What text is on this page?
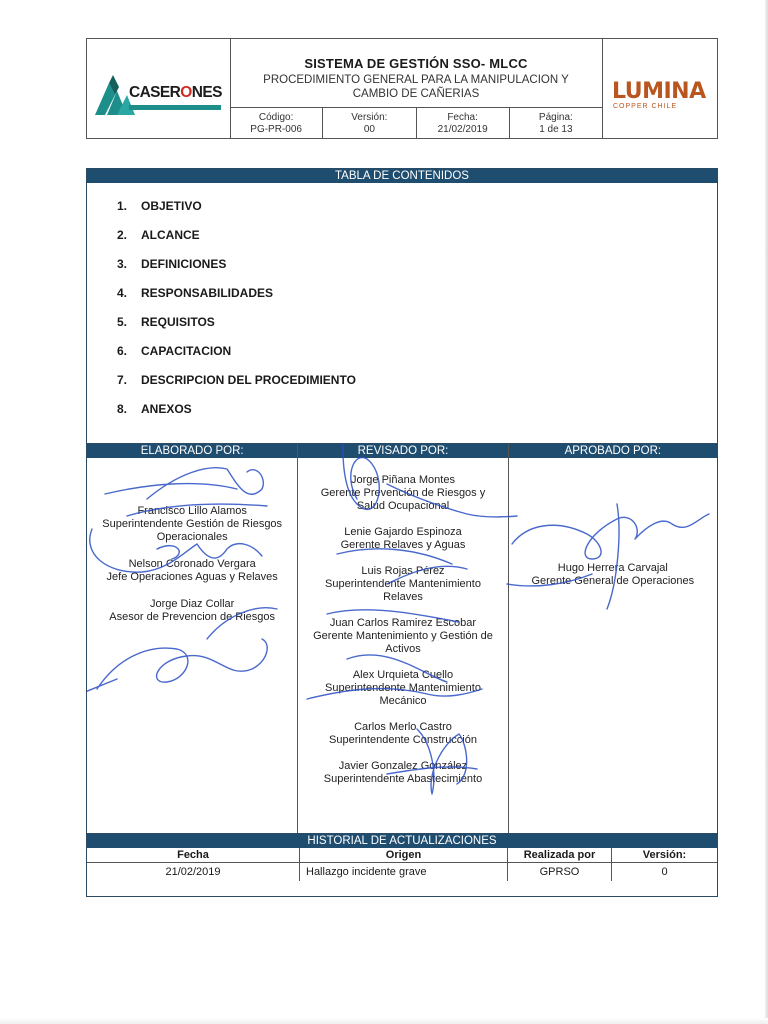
CASERONES
SISTEMA DE GESTIÓN SSO- MLCC
PROCEDIMIENTO GENERAL PARA LA MANIPULACION Y
CAMBIO DE CAÑERIAS
Código:
PG-PR-006
Versión:
00
Fecha:
21/02/2019
Página:
1 de 13
LUMINA
COPPER CHILE
TABLA DE CONTENIDOS
1.	OBJETIVO
2.	ALCANCE
3.	DEFINICIONES
4.	RESPONSABILIDADES
5.	REQUISITOS
6.	CAPACITACION
7.	DESCRIPCION DEL PROCEDIMIENTO
8.	ANEXOS
ELABORADO POR:
Francisco Lillo Alamos
Superintendente Gestión de Riesgos Operacionales
Nelson Coronado Vergara
Jefe Operaciones Aguas y Relaves
Jorge Diaz Collar
Asesor de Prevencion de Riesgos
REVISADO POR:
Jorge Piñana Montes
Gerente Prevención de Riesgos y Salud Ocupacional
Lenie Gajardo Espinoza
Gerente Relaves y Aguas
Luis Rojas Pérez
Superintendente Mantenimiento Relaves
Juan Carlos Ramirez Escobar
Gerente Mantenimiento y Gestión de Activos
Alex Urquieta Cuello
Superintendente Mantenimiento Mecánico
Carlos Merlo Castro
Superintendente Construcción
Javier Gonzalez González
Superintendente Abastecimiento
APROBADO POR:
Hugo Herrera Carvajal
Gerente General de Operaciones
HISTORIAL DE ACTUALIZACIONES
Fecha	Origen	Realizada por	Versión:
21/02/2019	Hallazgo incidente grave	GPRSO	0
